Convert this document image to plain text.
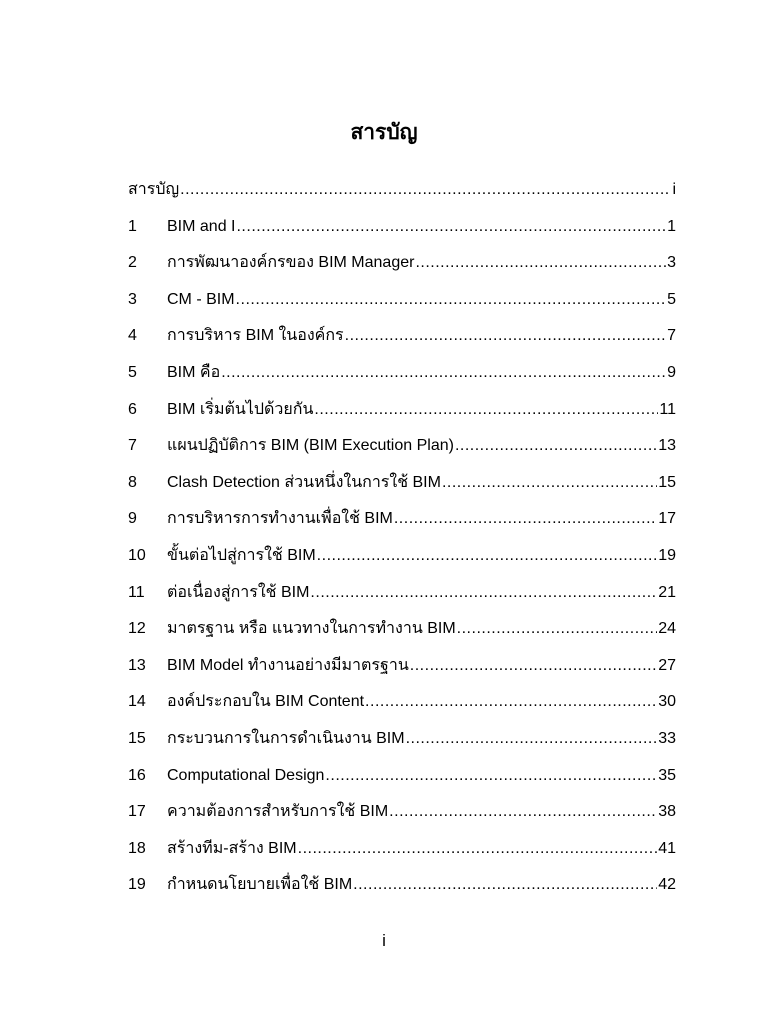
สารบัญ
สารบัญ .....	i
1	BIM and I .....	1
2	การพัฒนาองค์กรของ BIM Manager .....	3
3	CM - BIM .....	5
4	การบริหาร BIM ในองค์กร .....	7
5	BIM คือ .....	9
6	BIM เริ่มต้นไปด้วยกัน .....	11
7	แผนปฏิบัติการ BIM (BIM Execution Plan) .....	13
8	Clash Detection ส่วนหนึ่งในการใช้ BIM .....	15
9	การบริหารการทำงานเพื่อใช้ BIM .....	17
10	ขั้นต่อไปสู่การใช้ BIM .....	19
11	ต่อเนื่องสู่การใช้ BIM .....	21
12	มาตรฐาน หรือ แนวทางในการทำงาน BIM .....	24
13	BIM Model ทำงานอย่างมีมาตรฐาน .....	27
14	องค์ประกอบใน BIM Content .....	30
15	กระบวนการในการดำเนินงาน BIM .....	33
16	Computational Design .....	35
17	ความต้องการสำหรับการใช้ BIM .....	38
18	สร้างทีม-สร้าง BIM .....	41
19	กำหนดนโยบายเพื่อใช้ BIM .....	42
i
